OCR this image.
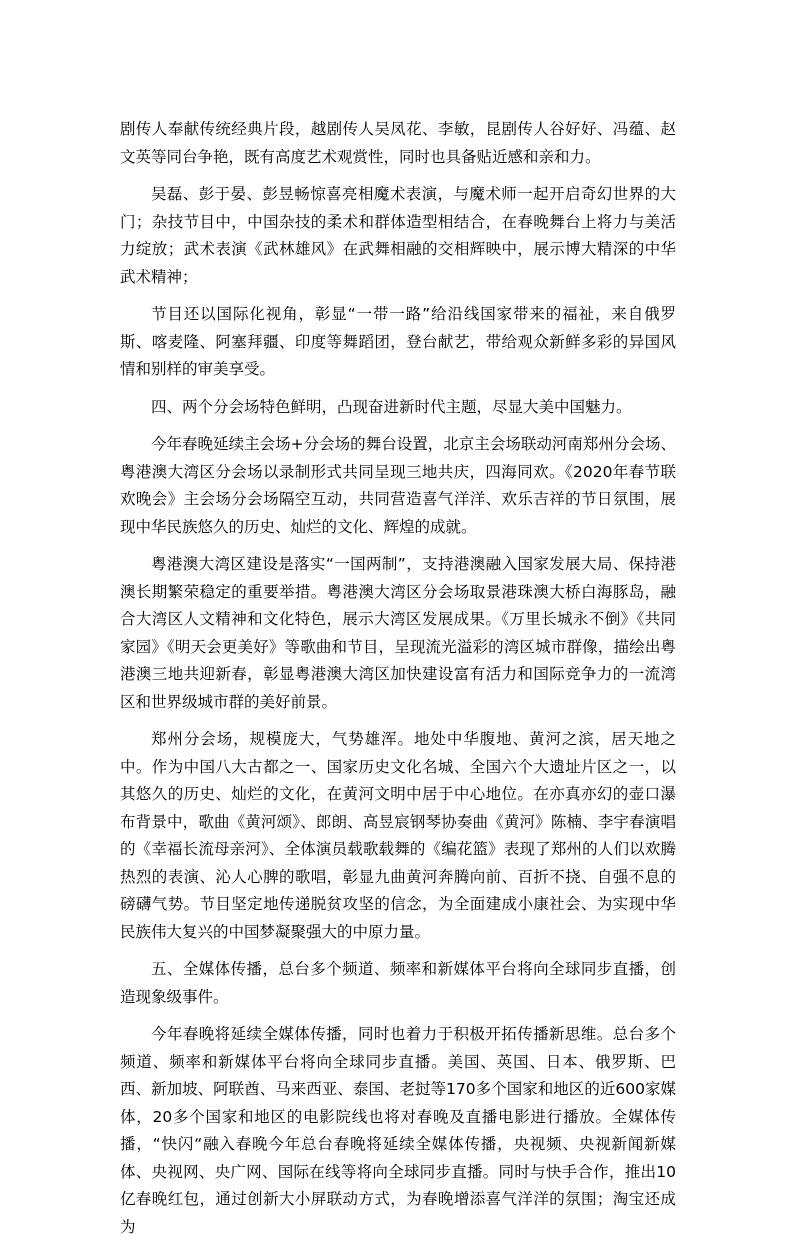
剧传人奉献传统经典片段，越剧传人吴凤花、李敏，昆剧传人谷好好、冯蕴、赵文英等同台争艳，既有高度艺术观赏性，同时也具备贴近感和亲和力。

吴磊、彭于晏、彭昱畅惊喜亮相魔术表演，与魔术师一起开启奇幻世界的大门；杂技节目中，中国杂技的柔术和群体造型相结合，在春晚舞台上将力与美活力绽放；武术表演《武林雄风》在武舞相融的交相辉映中，展示博大精深的中华武术精神；

节目还以国际化视角，彰显“一带一路”给沿线国家带来的福祉，来自俄罗斯、喀麦隆、阿塞拜疆、印度等舞蹈团，登台献艺，带给观众新鲜多彩的异国风情和别样的审美享受。

四、两个分会场特色鲜明，凸现奋进新时代主题，尽显大美中国魅力。

今年春晚延续主会场+分会场的舞台设置，北京主会场联动河南郑州分会场、粤港澳大湾区分会场以录制形式共同呈现三地共庆，四海同欢。《2020年春节联欢晚会》主会场分会场隔空互动，共同营造喜气洋洋、欢乐吉祥的节日氛围，展现中华民族悠久的历史、灿烂的文化、辉煌的成就。

粤港澳大湾区建设是落实“一国两制”，支持港澳融入国家发展大局、保持港澳长期繁荣稳定的重要举措。粤港澳大湾区分会场取景港珠澳大桥白海豚岛，融合大湾区人文精神和文化特色，展示大湾区发展成果。《万里长城永不倒》《共同家园》《明天会更美好》等歌曲和节目，呈现流光溢彩的湾区城市群像，描绘出粤港澳三地共迎新春，彰显粤港澳大湾区加快建设富有活力和国际竞争力的一流湾区和世界级城市群的美好前景。

郑州分会场，规模庞大，气势雄浑。地处中华腹地、黄河之滨，居天地之中。作为中国八大古都之一、国家历史文化名城、全国六个大遗址片区之一，以其悠久的历史、灿烂的文化，在黄河文明中居于中心地位。在亦真亦幻的壶口瀑布背景中，歌曲《黄河颂》、郎朗、高昱宸钢琴协奏曲《黄河》陈楠、李宇春演唱的《幸福长流母亲河》、全体演员载歌载舞的《编花篮》表现了郑州的人们以欢腾热烈的表演、沁人心脾的歌唱，彰显九曲黄河奔腾向前、百折不挠、自强不息的磅礴气势。节目坚定地传递脱贫攻坚的信念，为全面建成小康社会、为实现中华民族伟大复兴的中国梦凝聚强大的中原力量。

五、全媒体传播，总台多个频道、频率和新媒体平台将向全球同步直播，创造现象级事件。

今年春晚将延续全媒体传播，同时也着力于积极开拓传播新思维。总台多个频道、频率和新媒体平台将向全球同步直播。美国、英国、日本、俄罗斯、巴西、新加坡、阿联酋、马来西亚、泰国、老挝等170多个国家和地区的近600家媒体，20多个国家和地区的电影院线也将对春晚及直播电影进行播放。全媒体传播，“快闪“融入春晚今年总台春晚将延续全媒体传播，央视频、央视新闻新媒体、央视网、央广网、国际在线等将向全球同步直播。同时与快手合作，推出10亿春晚红包，通过创新大小屏联动方式，为春晚增添喜气洋洋的氛围；淘宝还成为
